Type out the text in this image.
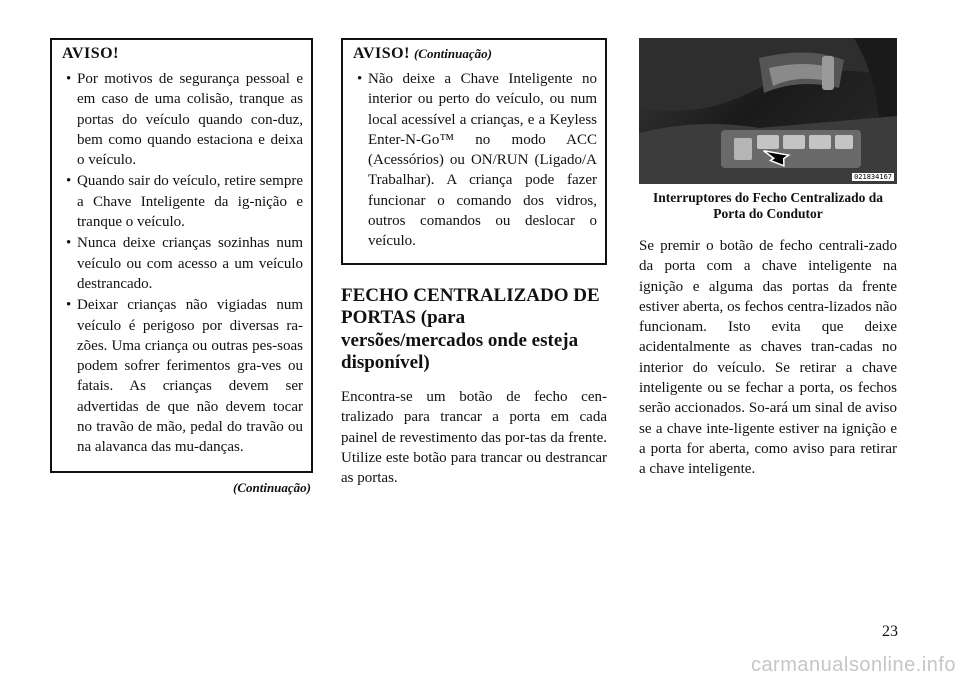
AVISO!
• Por motivos de segurança pessoal e em caso de uma colisão, tranque as portas do veículo quando con-duz, bem como quando estaciona e deixa o veículo.
• Quando sair do veículo, retire sempre a Chave Inteligente da ig-nição e tranque o veículo.
• Nunca deixe crianças sozinhas num veículo ou com acesso a um veículo destrancado.
• Deixar crianças não vigiadas num veículo é perigoso por diversas ra-zões. Uma criança ou outras pes-soas podem sofrer ferimentos gra-ves ou fatais. As crianças devem ser advertidas de que não devem tocar no travão de mão, pedal do travão ou na alavanca das mu-danças.
(Continuação)
AVISO! (Continuação)
• Não deixe a Chave Inteligente no interior ou perto do veículo, ou num local acessível a crianças, e a Keyless Enter-N-Go™ no modo ACC (Acessórios) ou ON/RUN (Ligado/A Trabalhar). A criança pode fazer funcionar o comando dos vidros, outros comandos ou deslocar o veículo.
FECHO CENTRALIZADO DE PORTAS (para versões/mercados onde esteja disponível)

Encontra-se um botão de fecho cen-tralizado para trancar a porta em cada painel de revestimento das por-tas da frente. Utilize este botão para trancar ou destrancar as portas.

021834167
Interruptores do Fecho Centralizado da Porta do Condutor

Se premir o botão de fecho centrali-zado da porta com a chave inteligente na ignição e alguma das portas da frente estiver aberta, os fechos centra-lizados não funcionam. Isto evita que deixe acidentalmente as chaves tran-cadas no interior do veículo. Se retirar a chave inteligente ou se fechar a porta, os fechos serão accionados. So-ará um sinal de aviso se a chave inte-ligente estiver na ignição e a porta for aberta, como aviso para retirar a chave inteligente.

23
carmanualsonline.info
